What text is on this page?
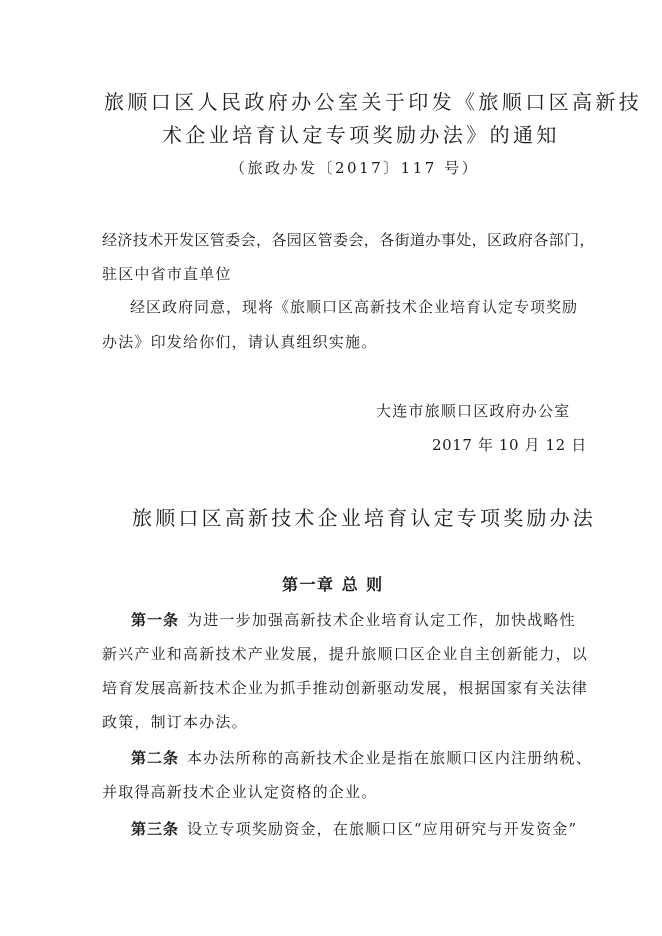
旅顺口区人民政府办公室关于印发《旅顺口区高新技

术企业培育认定专项奖励办法》的通知

（旅政办发〔2017〕117 号）

经济技术开发区管委会，各园区管委会，各街道办事处，区政府各部门，

驻区中省市直单位

经区政府同意，现将《旅顺口区高新技术企业培育认定专项奖励

办法》印发给你们，请认真组织实施。

大连市旅顺口区政府办公室

2017 年 10 月 12 日

旅顺口区高新技术企业培育认定专项奖励办法

第一章 总 则

第一条 为进一步加强高新技术企业培育认定工作，加快战略性

新兴产业和高新技术产业发展，提升旅顺口区企业自主创新能力，以

培育发展高新技术企业为抓手推动创新驱动发展，根据国家有关法律

政策，制订本办法。

第二条 本办法所称的高新技术企业是指在旅顺口区内注册纳税、

并取得高新技术企业认定资格的企业。

第三条 设立专项奖励资金，在旅顺口区“应用研究与开发资金”
